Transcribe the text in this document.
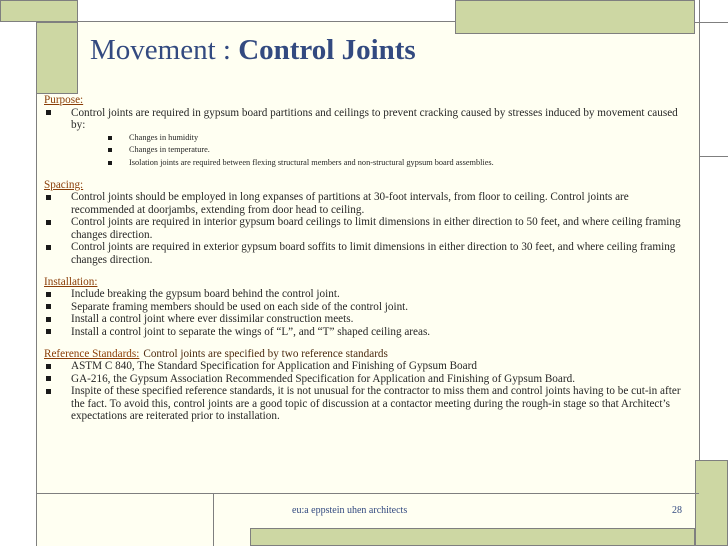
Movement : Control Joints
Purpose:
Control joints are required in gypsum board partitions and ceilings to prevent cracking caused by stresses induced by movement caused by:
Changes in humidity
Changes in temperature.
Isolation joints are required between flexing structural members and non-structural gypsum board assemblies.
Spacing:
Control joints should be employed in long expanses of partitions at 30-foot intervals, from floor to ceiling. Control joints are recommended at doorjambs, extending from door head to ceiling.
Control joints are required in interior gypsum board ceilings to limit dimensions in either direction to 50 feet, and where ceiling framing changes direction.
Control joints are required in exterior gypsum board soffits to limit dimensions in either direction to 30 feet, and where ceiling framing changes direction.
Installation:
Include breaking the gypsum board behind the control joint.
Separate framing members should be used on each side of the control joint.
Install a control joint where ever dissimilar construction meets.
Install a control joint to separate the wings of “L”, and “T” shaped ceiling areas.
Reference Standards: Control joints are specified by two reference standards
ASTM C 840, The Standard Specification for Application and Finishing of Gypsum Board
GA-216, the Gypsum Association Recommended Specification for Application and Finishing of Gypsum Board.
Inspite of these specified reference standards, it is not unusual for the contractor to miss them and control joints having to be cut-in after the fact. To avoid this, control joints are a good topic of discussion at a contactor meeting during the rough-in stage so that Architect’s expectations are reiterated prior to installation.
eu:a eppstein uhen architects	28
